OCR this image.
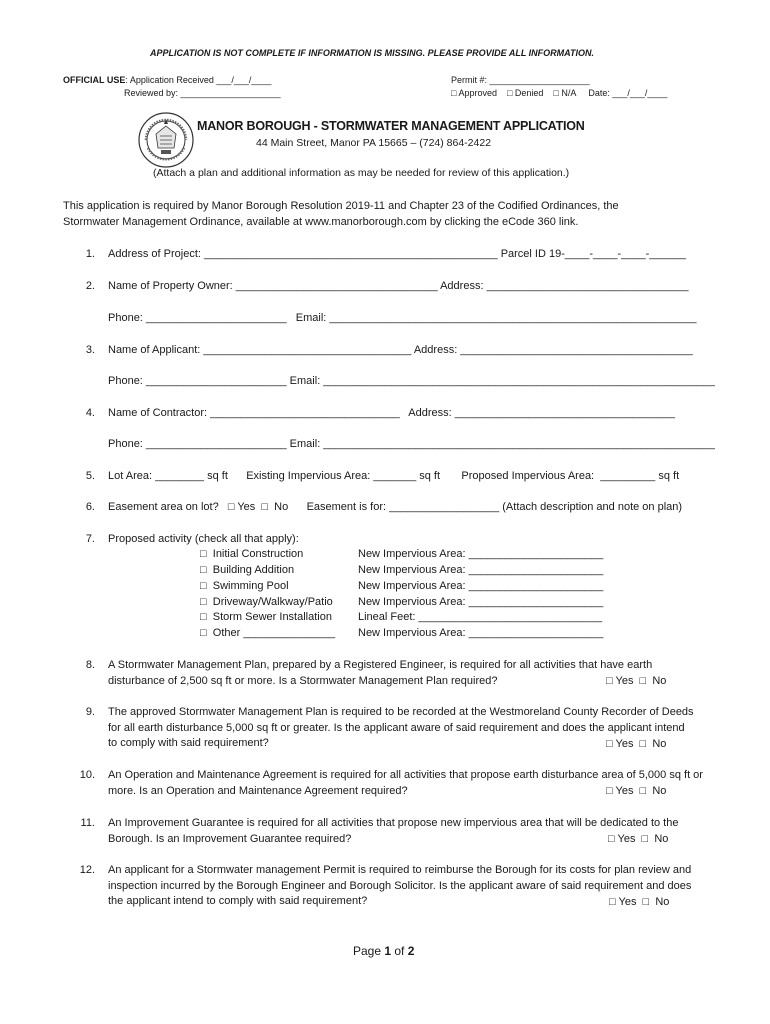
APPLICATION IS NOT COMPLETE IF INFORMATION IS MISSING. PLEASE PROVIDE ALL INFORMATION.
OFFICIAL USE: Application Received ___/___/____
Reviewed by: ____________________
Permit #: ____________________
□ Approved    □ Denied    □ N/A     Date: ___/___/____
MANOR BOROUGH - STORMWATER MANAGEMENT APPLICATION
44 Main Street, Manor PA 15665 – (724) 864-2422
(Attach a plan and additional information as may be needed for review of this application.)
This application is required by Manor Borough Resolution 2019-11 and Chapter 23 of the Codified Ordinances, the Stormwater Management Ordinance, available at www.manorborough.com by clicking the eCode 360 link.
1. Address of Project: ________________________________________________ Parcel ID 19-____-____-____-______
2. Name of Property Owner: _________________________________ Address: _________________________________
Phone: _______________________   Email: ____________________________________________________________
3. Name of Applicant: __________________________________ Address: ______________________________________
Phone: _______________________ Email: ________________________________________________________________
4. Name of Contractor: _______________________________   Address: ____________________________________
Phone: _______________________ Email: ________________________________________________________________
5. Lot Area: ________ sq ft      Existing Impervious Area: _______ sq ft       Proposed Impervious Area:  _________ sq ft
6. Easement area on lot?   □ Yes  □  No      Easement is for: __________________ (Attach description and note on plan)
7. Proposed activity (check all that apply):
□  Initial Construction	New Impervious Area: ______________________
□  Building Addition	New Impervious Area: ______________________
□  Swimming Pool	New Impervious Area: ______________________
□  Driveway/Walkway/Patio New Impervious Area: ______________________
□  Storm Sewer Installation Lineal Feet: ______________________________
□  Other _______________ New Impervious Area: ______________________
8. A Stormwater Management Plan, prepared by a Registered Engineer, is required for all activities that have earth disturbance of 2,500 sq ft or more. Is a Stormwater Management Plan required?	□ Yes  □  No
9. The approved Stormwater Management Plan is required to be recorded at the Westmoreland County Recorder of Deeds for all earth disturbance 5,000 sq ft or greater. Is the applicant aware of said requirement and does the applicant intend to comply with said requirement?	□ Yes  □  No
10. An Operation and Maintenance Agreement is required for all activities that propose earth disturbance area of 5,000 sq ft or more. Is an Operation and Maintenance Agreement required?	□ Yes  □  No
11. An Improvement Guarantee is required for all activities that propose new impervious area that will be dedicated to the Borough. Is an Improvement Guarantee required?	□ Yes  □  No
12. An applicant for a Stormwater management Permit is required to reimburse the Borough for its costs for plan review and inspection incurred by the Borough Engineer and Borough Solicitor. Is the applicant aware of said requirement and does the applicant intend to comply with said requirement?	□ Yes  □  No
Page 1 of 2
